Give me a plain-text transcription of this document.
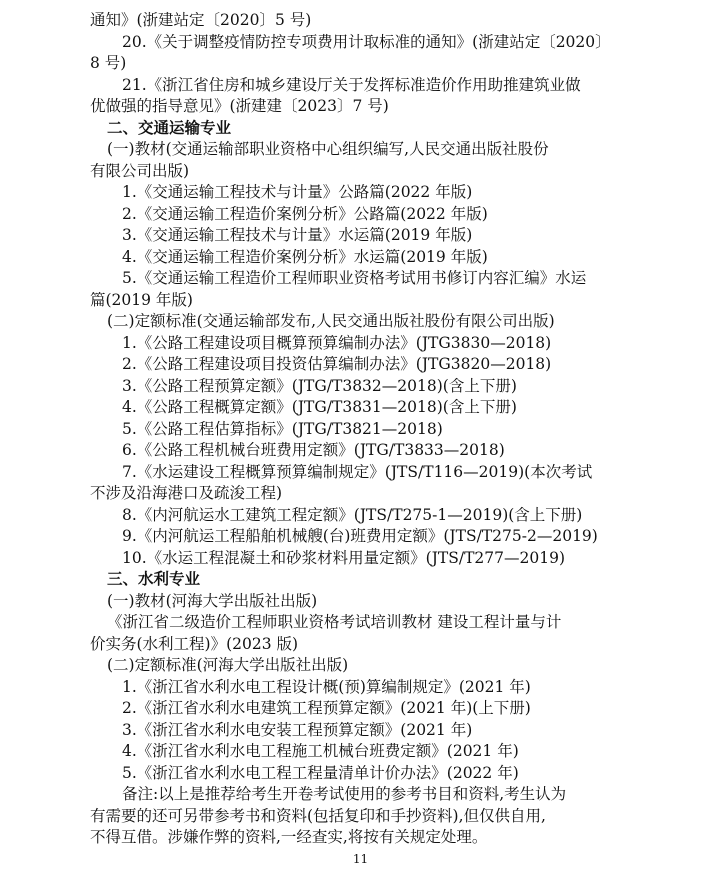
通知》(浙建站定〔2020〕5 号)
20.《关于调整疫情防控专项费用计取标准的通知》(浙建站定〔2020〕
8 号)
21.《浙江省住房和城乡建设厅关于发挥标准造价作用助推建筑业做
优做强的指导意见》(浙建建〔2023〕7 号)
二、交通运输专业
(一)教材(交通运输部职业资格中心组织编写,人民交通出版社股份
有限公司出版)
1.《交通运输工程技术与计量》公路篇(2022 年版)
2.《交通运输工程造价案例分析》公路篇(2022 年版)
3.《交通运输工程技术与计量》水运篇(2019 年版)
4.《交通运输工程造价案例分析》水运篇(2019 年版)
5.《交通运输工程造价工程师职业资格考试用书修订内容汇编》水运
篇(2019 年版)
(二)定额标准(交通运输部发布,人民交通出版社股份有限公司出版)
1.《公路工程建设项目概算预算编制办法》(JTG3830—2018)
2.《公路工程建设项目投资估算编制办法》(JTG3820—2018)
3.《公路工程预算定额》(JTG/T3832—2018)(含上下册)
4.《公路工程概算定额》(JTG/T3831—2018)(含上下册)
5.《公路工程估算指标》(JTG/T3821—2018)
6.《公路工程机械台班费用定额》(JTG/T3833—2018)
7.《水运建设工程概算预算编制规定》(JTS/T116—2019)(本次考试
不涉及沿海港口及疏浚工程)
8.《内河航运水工建筑工程定额》(JTS/T275-1—2019)(含上下册)
9.《内河航运工程船舶机械艘(台)班费用定额》(JTS/T275-2—2019)
10.《水运工程混凝土和砂浆材料用量定额》(JTS/T277—2019)
三、水利专业
(一)教材(河海大学出版社出版)
《浙江省二级造价工程师职业资格考试培训教材 建设工程计量与计
价实务(水利工程)》(2023 版)
(二)定额标准(河海大学出版社出版)
1.《浙江省水利水电工程设计概(预)算编制规定》(2021 年)
2.《浙江省水利水电建筑工程预算定额》(2021 年)(上下册)
3.《浙江省水利水电安装工程预算定额》(2021 年)
4.《浙江省水利水电工程施工机械台班费定额》(2021 年)
5.《浙江省水利水电工程工程量清单计价办法》(2022 年)
备注:以上是推荐给考生开卷考试使用的参考书目和资料,考生认为
有需要的还可另带参考书和资料(包括复印和手抄资料),但仅供自用,
不得互借。涉嫌作弊的资料,一经查实,将按有关规定处理。
11
